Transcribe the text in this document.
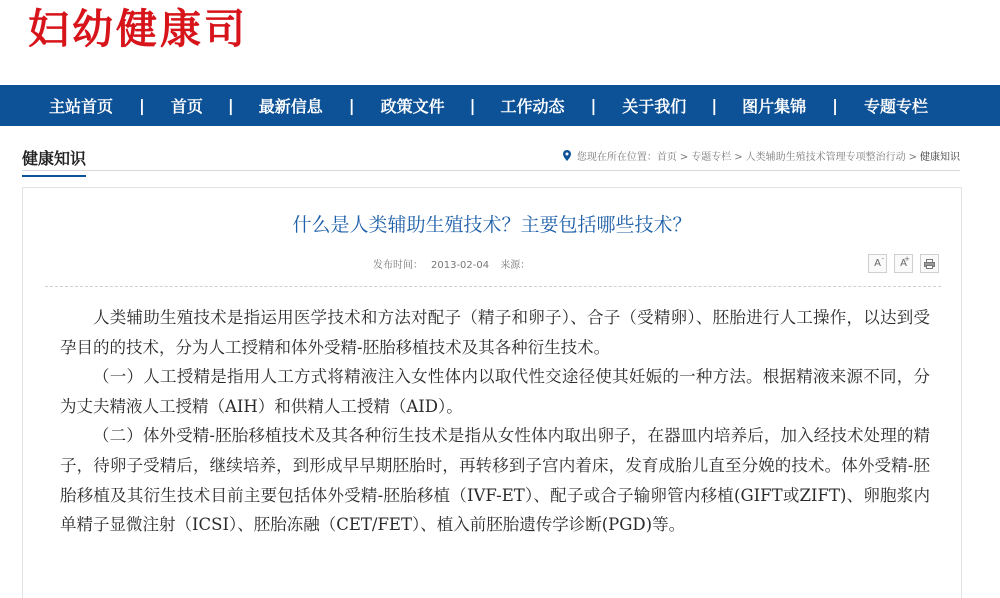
妇幼健康司
主站首页 | 首页 | 最新信息 | 政策文件 | 工作动态 | 关于我们 | 图片集锦 | 专题专栏
健康知识	您现在所在位置： 首页 > 专题专栏 > 人类辅助生殖技术管理专项整治行动 > 健康知识
什么是人类辅助生殖技术？主要包括哪些技术？
发布时间： 2013-02-04 来源：	A- A
+

人类辅助生殖技术是指运用医学技术和方法对配子（精子和卵子）、合子（受精卵）、胚胎进行人工操作，以达到受孕目的的技术，分为人工授精和体外受精-胚胎移植技术及其各种衍生技术。

（一）人工授精是指用人工方式将精液注入女性体内以取代性交途径使其妊娠的一种方法。根据精液来源不同，分为丈夫精液人工授精（AIH）和供精人工授精（AID）。

（二）体外受精-胚胎移植技术及其各种衍生技术是指从女性体内取出卵子，在器皿内培养后，加入经技术处理的精子，待卵子受精后，继续培养，到形成早早期胚胎时，再转移到子宫内着床，发育成胎儿直至分娩的技术。体外受精-胚胎移植及其衍生技术目前主要包括体外受精-胚胎移植（IVF-ET）、配子或合子输卵管内移植(GIFT或ZIFT)、卵胞浆内单精子显微注射（ICSI）、胚胎冻融（CET/FET）、植入前胚胎遗传学诊断(PGD)等。
